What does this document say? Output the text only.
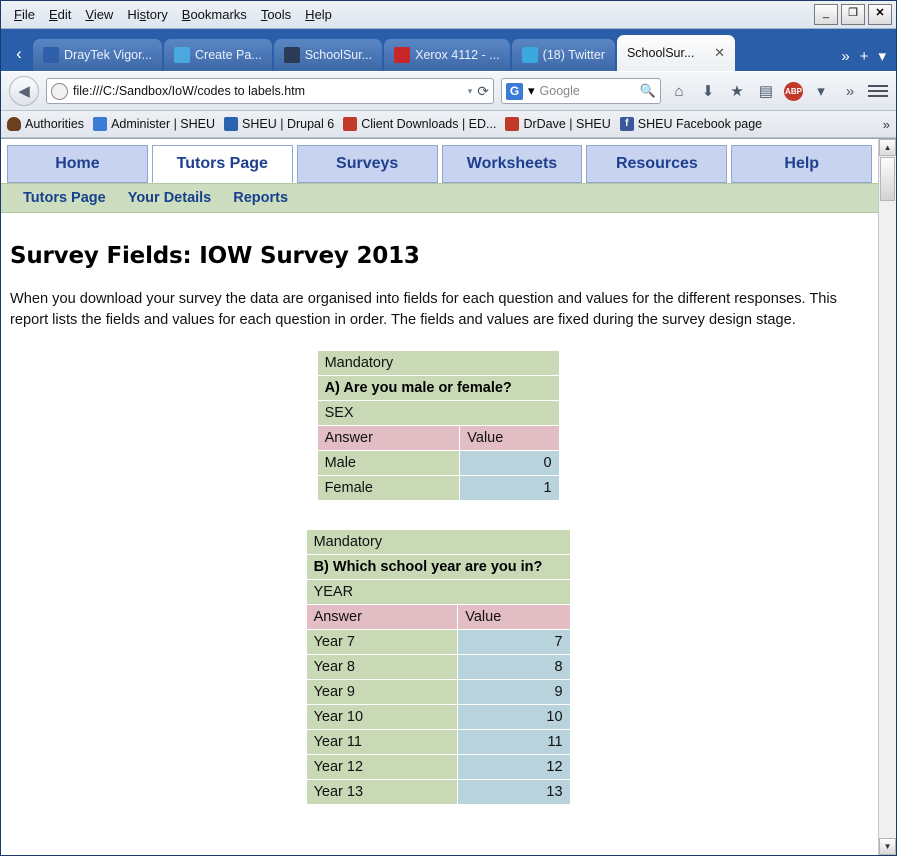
File	Edit	View	History	Bookmarks	Tools	Help	_	❐	✕
‹	DrayTek Vigor...	Create Pa...	SchoolSur...	Xerox 4112 - ...	(18) Twitter SchoolSur... ✕	» + ▾
◀	file:///C:/Sandbox/IoW/codes to labels.htm	▾ ⟳	G ▾ Google	🔍	⌂	⬇	★ ▤	ABP	▾	»
Authorities Administer | SHEU SHEU | Drupal 6 Client Downloads | ED... DrDave | SHEU	f SHEU Facebook page	»
Home	Tutors Page	Surveys	Worksheets	Resources	Help
Tutors Page Your Details Reports
Survey Fields: IOW Survey 2013

When you download your survey the data are organised into fields for each question and values for the different responses. This report lists the fields and values for each question in order. The fields and values are fixed during the survey design stage.

Mandatory	
A) Are you male or female?	
SEX	
Answer	Value
Male	0
Female	1
Mandatory	
B) Which school year are you in?	
YEAR	
Answer	Value
Year 7	7
Year 8	8
Year 9	9
Year 10	10
Year 11	11
Year 12	12
Year 13	13
▲
▼
